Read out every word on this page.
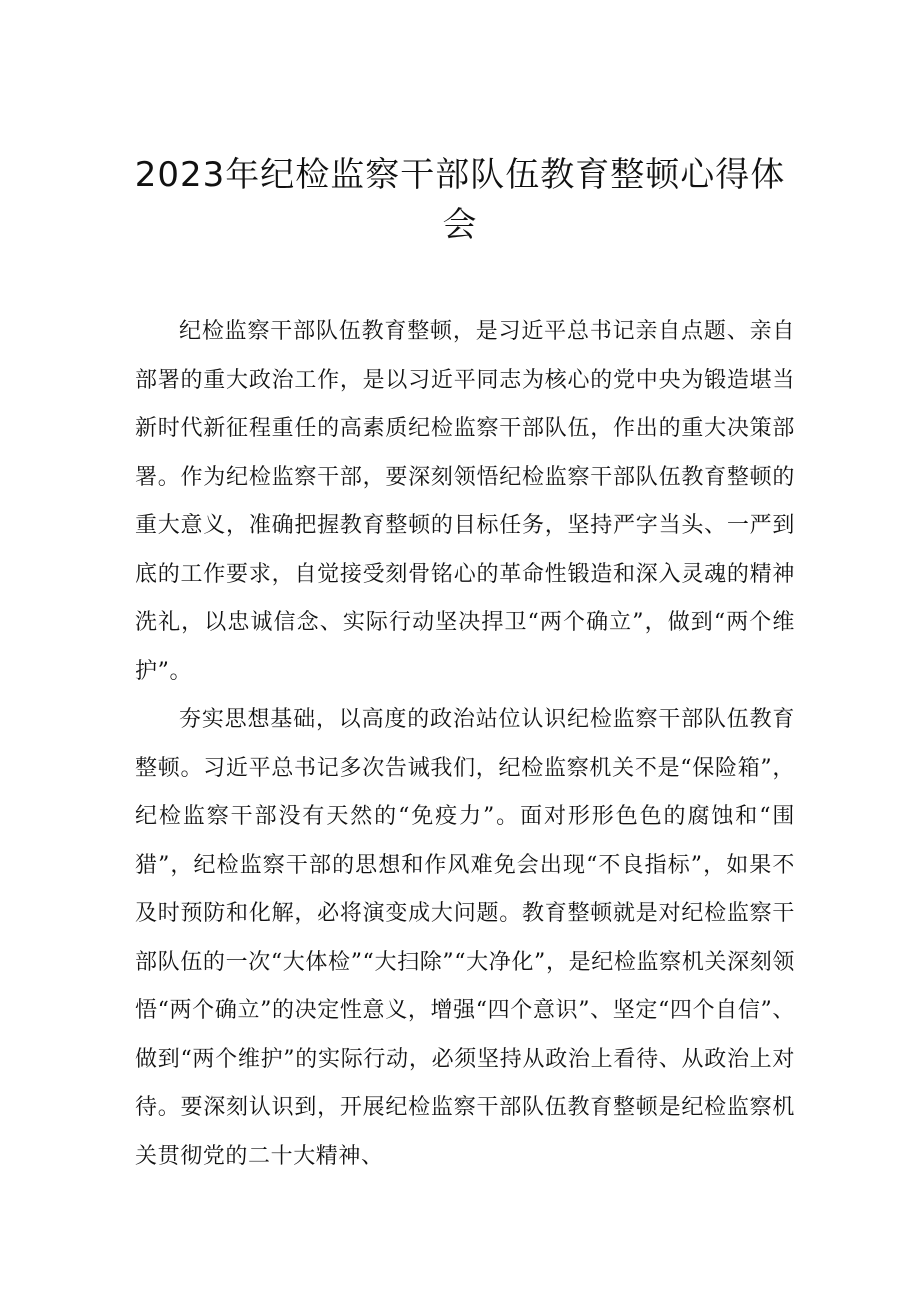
2023年纪检监察干部队伍教育整顿心得体会

纪检监察干部队伍教育整顿，是习近平总书记亲自点题、亲自部署的重大政治工作，是以习近平同志为核心的党中央为锻造堪当新时代新征程重任的高素质纪检监察干部队伍，作出的重大决策部署。作为纪检监察干部，要深刻领悟纪检监察干部队伍教育整顿的重大意义，准确把握教育整顿的目标任务，坚持严字当头、一严到底的工作要求，自觉接受刻骨铭心的革命性锻造和深入灵魂的精神洗礼，以忠诚信念、实际行动坚决捍卫“两个确立”，做到“两个维护”。

夯实思想基础，以高度的政治站位认识纪检监察干部队伍教育整顿。习近平总书记多次告诫我们，纪检监察机关不是“保险箱”，纪检监察干部没有天然的“免疫力”。面对形形色色的腐蚀和“围猎”，纪检监察干部的思想和作风难免会出现“不良指标”，如果不及时预防和化解，必将演变成大问题。教育整顿就是对纪检监察干部队伍的一次“大体检”“大扫除”“大净化”，是纪检监察机关深刻领悟“两个确立”的决定性意义，增强“四个意识”、坚定“四个自信”、做到“两个维护”的实际行动，必须坚持从政治上看待、从政治上对待。要深刻认识到，开展纪检监察干部队伍教育整顿是纪检监察机关贯彻党的二十大精神、
